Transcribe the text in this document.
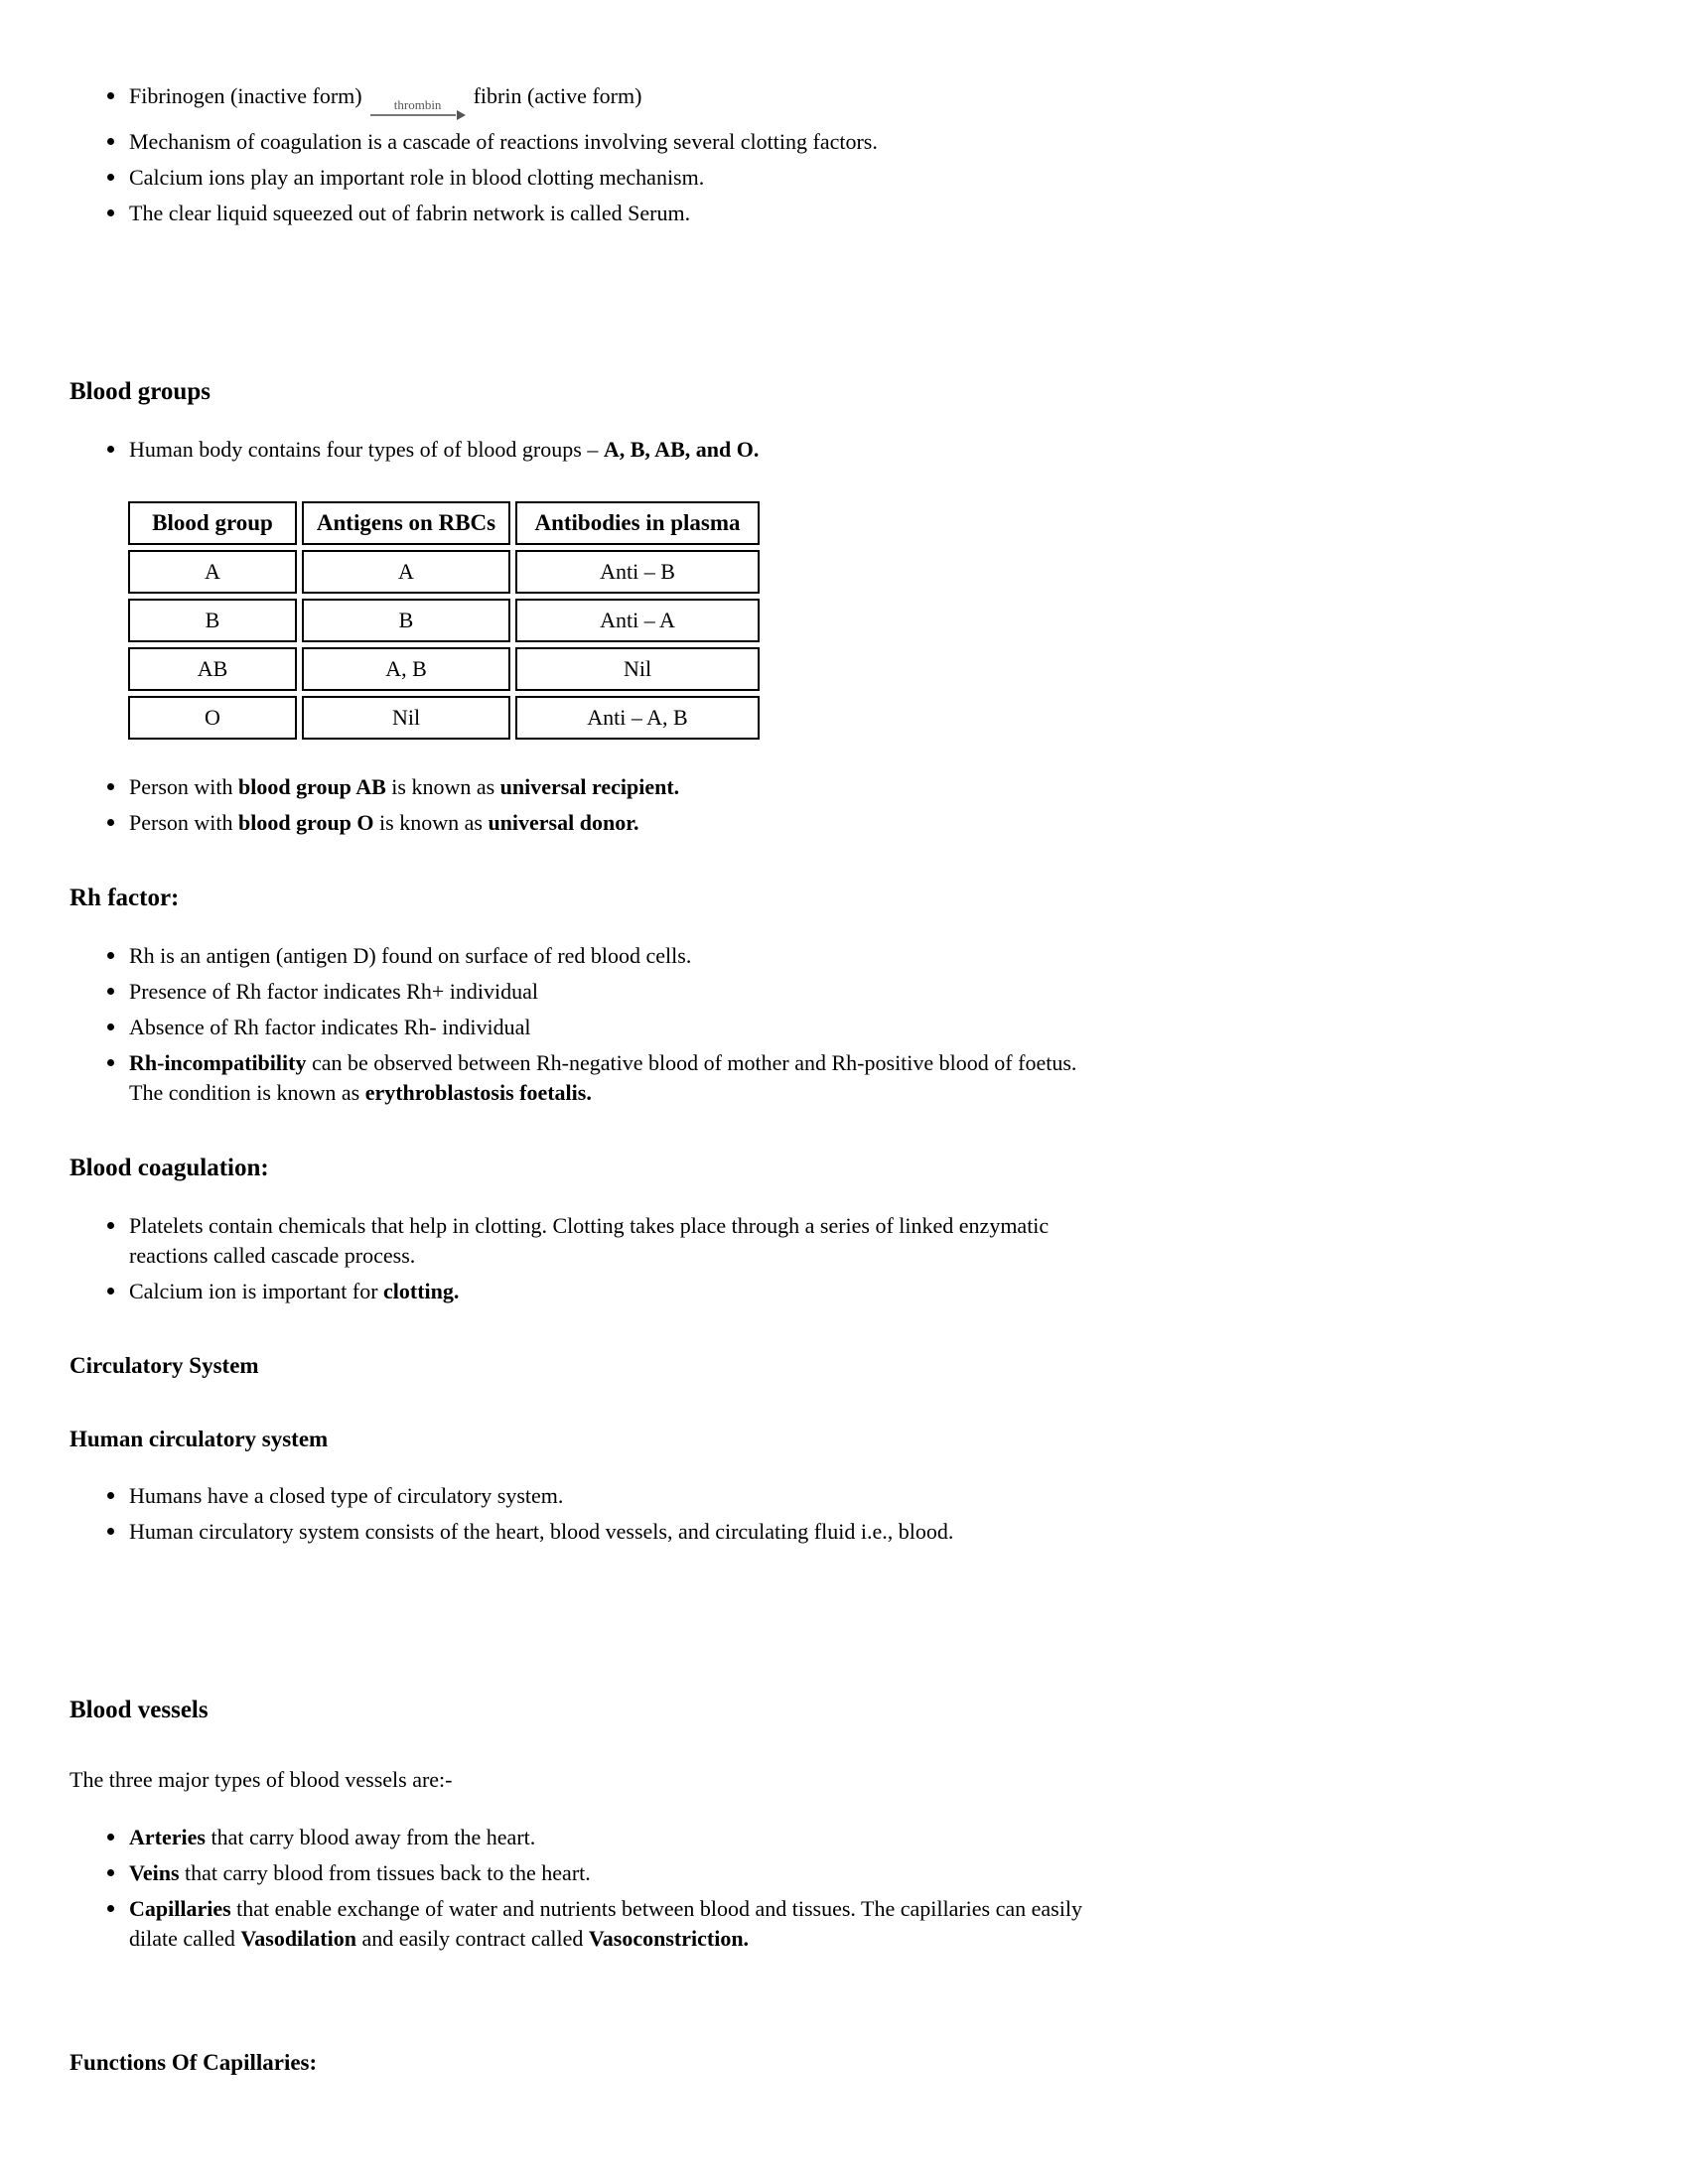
Fibrinogen (inactive form) thrombin fibrin (active form)
Mechanism of coagulation is a cascade of reactions involving several clotting factors.
Calcium ions play an important role in blood clotting mechanism.
The clear liquid squeezed out of fabrin network is called Serum.
Blood groups
Human body contains four types of of blood groups – A, B, AB, and O.
Blood group	Antigens on RBCs	Antibodies in plasma
A	A	Anti – B
B	B	Anti – A
AB	A, B	Nil
O	Nil	Anti – A, B
Person with blood group AB is known as universal recipient.
Person with blood group O is known as universal donor.
Rh factor:
Rh is an antigen (antigen D) found on surface of red blood cells.
Presence of Rh factor indicates Rh+ individual
Absence of Rh factor indicates Rh- individual
Rh-incompatibility can be observed between Rh-negative blood of mother and Rh-positive blood of foetus. The condition is known as erythroblastosis foetalis.
Blood coagulation:
Platelets contain chemicals that help in clotting. Clotting takes place through a series of linked enzymatic reactions called cascade process.
Calcium ion is important for clotting.
Circulatory System
Human circulatory system
Humans have a closed type of circulatory system.
Human circulatory system consists of the heart, blood vessels, and circulating fluid i.e., blood.
Blood vessels
The three major types of blood vessels are:-
Arteries that carry blood away from the heart.
Veins that carry blood from tissues back to the heart.
Capillaries that enable exchange of water and nutrients between blood and tissues. The capillaries can easily dilate called Vasodilation and easily contract called Vasoconstriction.
Functions Of Capillaries:
